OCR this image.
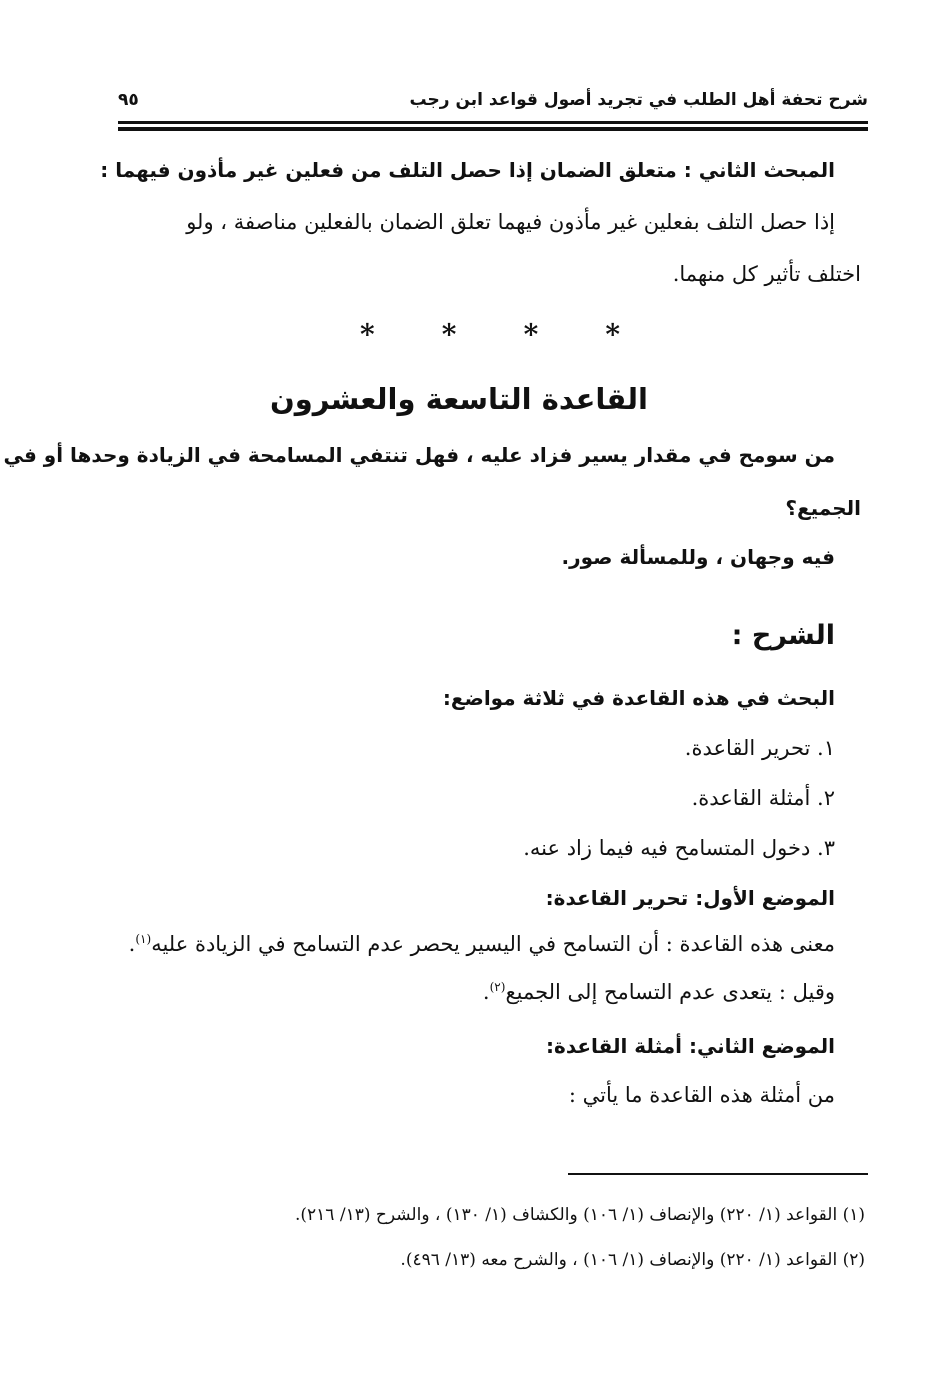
شرح تحفة أهل الطلب في تجريد أصول قواعد ابن رجب
٩٥
المبحث الثاني : متعلق الضمان إذا حصل التلف من فعلين غير مأذون فيهما :
إذا حصل التلف بفعلين غير مأذون فيهما تعلق الضمان بالفعلين مناصفة ، ولو
اختلف تأثير كل منهما.
* * * *
القاعدة التاسعة والعشرون
من سومح في مقدار يسير فزاد عليه ، فهل تنتفي المسامحة في الزيادة وحدها أو في
الجميع؟
فيه وجهان ، وللمسألة صور.
الشرح :
البحث في هذه القاعدة في ثلاثة مواضع:
١. تحرير القاعدة.
٢. أمثلة القاعدة.
٣. دخول المتسامح فيه فيما زاد عنه.
الموضع الأول: تحرير القاعدة:
معنى هذه القاعدة : أن التسامح في اليسير يحصر عدم التسامح في الزيادة عليه$^{(١)}$.
وقيل : يتعدى عدم التسامح إلى الجميع$^{(٢)}$.
الموضع الثاني: أمثلة القاعدة:
من أمثلة هذه القاعدة ما يأتي :
(١) القواعد (١/ ٢٢٠) والإنصاف (١/ ١٠٦) والكشاف (١/ ١٣٠) ، والشرح (١٣/ ٢١٦).
(٢) القواعد (١/ ٢٢٠) والإنصاف (١/ ١٠٦) ، والشرح معه (١٣/ ٤٩٦).
